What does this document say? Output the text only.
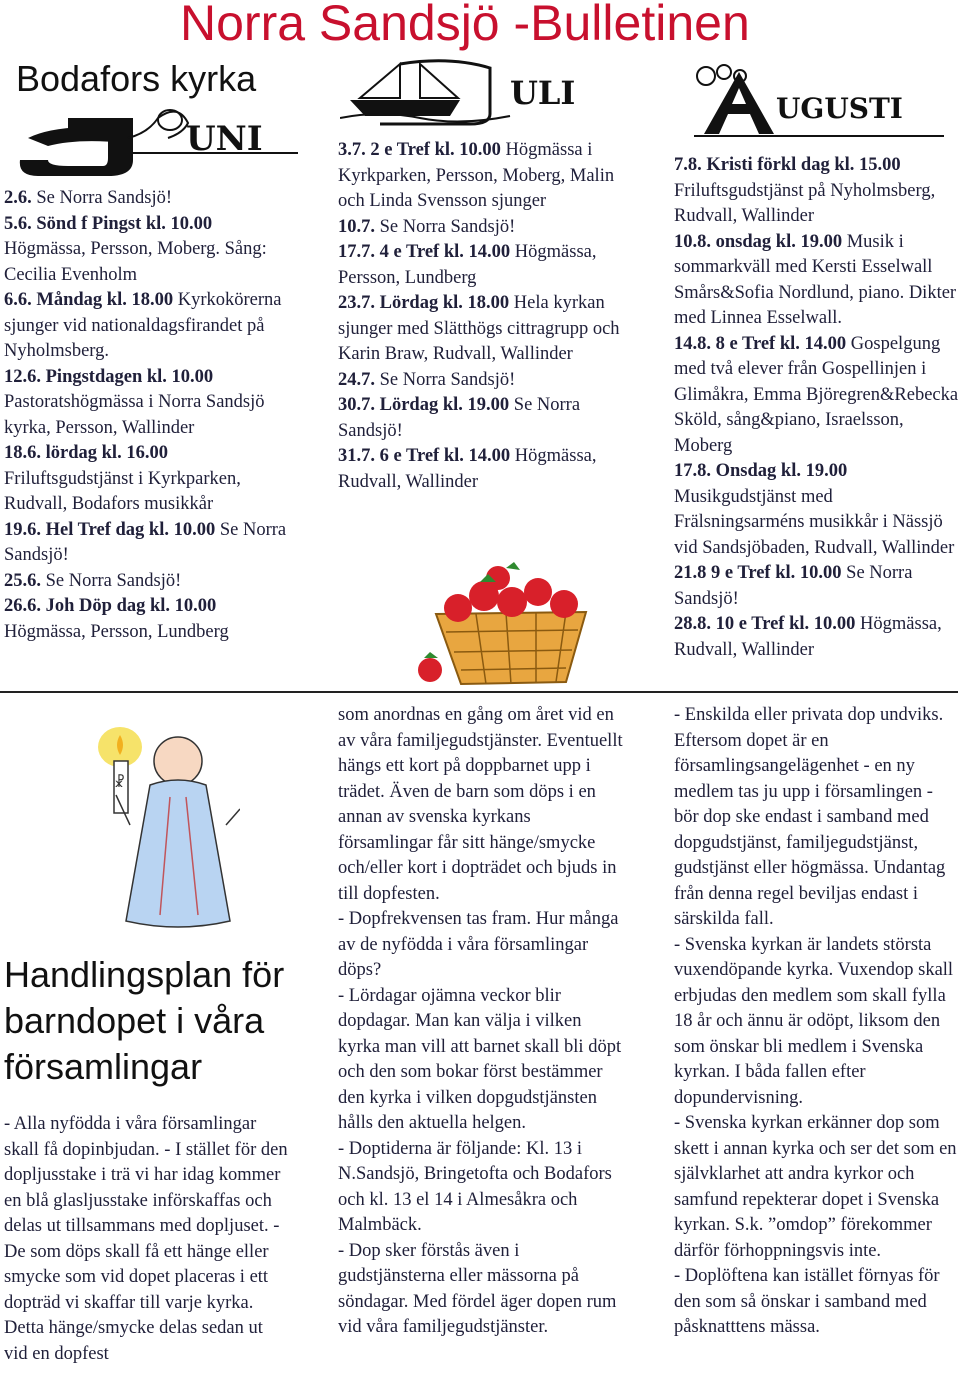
Norra Sandsjö -Bulletinen
Bodafors kyrka
UNI
ULI	UGUSTI

2.6. Se Norra Sandsjö!

5.6. Sönd f Pingst kl. 10.00 Högmässa, Persson, Moberg. Sång: Cecilia Evenholm

6.6. Måndag kl. 18.00 Kyrkokörerna sjunger vid nationaldagsfirandet på Nyholmsberg.

12.6. Pingstdagen kl. 10.00 Pastoratshögmässa i Norra Sandsjö kyrka, Persson, Wallinder

18.6. lördag kl. 16.00 Friluftsgudstjänst i Kyrkparken, Rudvall, Bodafors musikkår

19.6. Hel Tref dag kl. 10.00 Se Norra Sandsjö!

25.6. Se Norra Sandsjö!

26.6. Joh Döp dag kl. 10.00 Högmässa, Persson, Lundberg

3.7. 2 e Tref kl. 10.00 Högmässa i Kyrkparken, Persson, Moberg, Malin och Linda Svensson sjunger

10.7. Se Norra Sandsjö!

17.7. 4 e Tref kl. 14.00 Högmässa, Persson, Lundberg

23.7. Lördag kl. 18.00 Hela kyrkan sjunger med Slätthögs cittragrupp och Karin Braw, Rudvall, Wallinder

24.7. Se Norra Sandsjö!

30.7. Lördag kl. 19.00 Se Norra Sandsjö!

31.7. 6 e Tref kl. 14.00 Högmässa, Rudvall, Wallinder

7.8. Kristi förkl dag kl. 15.00 Friluftsgudstjänst på Nyholmsberg, Rudvall, Wallinder

10.8. onsdag kl. 19.00 Musik i sommarkväll med Kersti Esselwall Smårs&Sofia Nordlund, piano. Dikter med Linnea Esselwall.

14.8. 8 e Tref kl. 14.00 Gospelgung med två elever från Gospellinjen i Glimåkra, Emma Björegren&Rebecka Sköld, sång&piano, Israelsson, Moberg

17.8. Onsdag kl. 19.00 Musikgudstjänst med Frälsningsarméns musikkår i Nässjö vid Sandsjöbaden, Rudvall, Wallinder

21.8 9 e Tref kl. 10.00 Se Norra Sandsjö!

28.8. 10 e Tref kl. 10.00 Högmässa, Rudvall, Wallinder

☧
Handlingsplan för barndopet i våra församlingar

- Alla nyfödda i våra församlingar skall få dopinbjudan. - I stället för den dopljusstake i trä vi har idag kommer en blå glasljusstake införskaffas och delas ut tillsammans med dopljuset. - De som döps skall få ett hänge eller smycke som vid dopet placeras i ett dopträd vi skaffar till varje kyrka. Detta hänge/smycke delas sedan ut vid en dopfest

som anordnas en gång om året vid en av våra familjegudstjänster. Eventuellt hängs ett kort på doppbarnet upp i trädet. Även de barn som döps i en annan av svenska kyrkans församlingar får sitt hänge/smycke och/eller kort i dopträdet och bjuds in till dopfesten.

- Dopfrekvensen tas fram. Hur många av de nyfödda i våra församlingar döps?

- Lördagar ojämna veckor blir dopdagar. Man kan välja i vilken kyrka man vill att barnet skall bli döpt och den som bokar först bestämmer den kyrka i vilken dopgudstjänsten hålls den aktuella helgen.

- Doptiderna är följande: Kl. 13 i N.Sandsjö, Bringetofta och Bodafors och kl. 13 el 14 i Almesåkra och Malmbäck.

- Dop sker förstås även i gudstjänsterna eller mässorna på söndagar. Med fördel äger dopen rum vid våra familjegudstjänster.

- Enskilda eller privata dop undviks. Eftersom dopet är en församlingsangelägenhet - en ny medlem tas ju upp i församlingen - bör dop ske endast i samband med dopgudstjänst, familjegudstjänst, gudstjänst eller högmässa. Undantag från denna regel beviljas endast i särskilda fall.

- Svenska kyrkan är landets största vuxendöpande kyrka. Vuxendop skall erbjudas den medlem som skall fylla 18 år och ännu är odöpt, liksom den som önskar bli medlem i Svenska kyrkan. I båda fallen efter dopundervisning.

- Svenska kyrkan erkänner dop som skett i annan kyrka och ser det som en självklarhet att andra kyrkor och samfund repekterar dopet i Svenska kyrkan. S.k. ”omdop” förekommer därför förhoppningsvis inte.

- Doplöftena kan istället förnyas för den som så önskar i samband med påsknatttens mässa.
